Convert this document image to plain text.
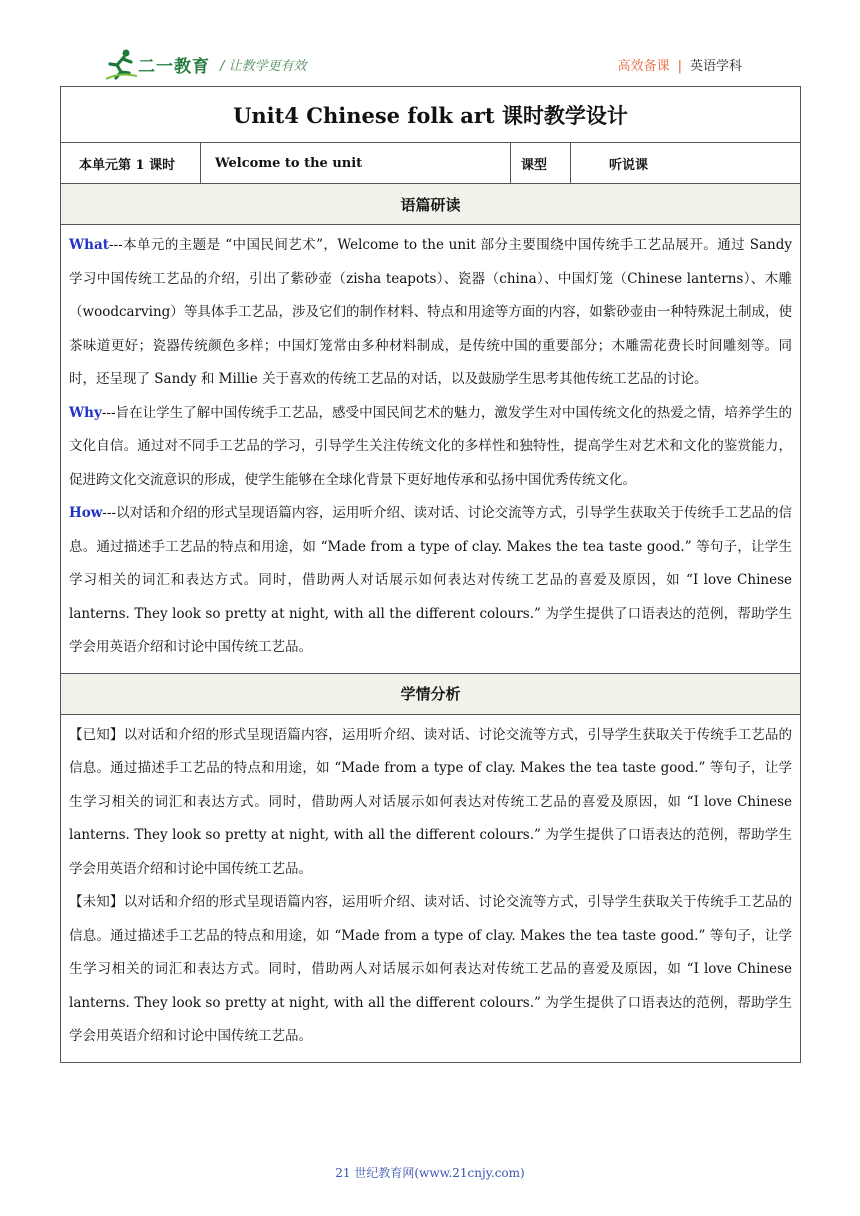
二一教育 / 让教学更有效	高效备课 | 英语学科
Unit4 Chinese folk art 课时教学设计
本单元第 1 课时	Welcome to the unit	课型	听说课
语篇研读

What---本单元的主题是 “中国民间艺术”，Welcome to the unit 部分主要围绕中国传统手工艺品展开。通过 Sandy 学习中国传统工艺品的介绍，引出了紫砂壶（zisha teapots）、瓷器（china）、中国灯笼（Chinese lanterns）、木雕（woodcarving）等具体手工艺品，涉及它们的制作材料、特点和用途等方面的内容，如紫砂壶由一种特殊泥土制成，使茶味道更好；瓷器传统颜色多样；中国灯笼常由多种材料制成，是传统中国的重要部分；木雕需花费长时间雕刻等。同时，还呈现了 Sandy 和 Millie 关于喜欢的传统工艺品的对话，以及鼓励学生思考其他传统工艺品的讨论。

Why---旨在让学生了解中国传统手工艺品，感受中国民间艺术的魅力，激发学生对中国传统文化的热爱之情，培养学生的文化自信。通过对不同手工艺品的学习，引导学生关注传统文化的多样性和独特性，提高学生对艺术和文化的鉴赏能力，促进跨文化交流意识的形成，使学生能够在全球化背景下更好地传承和弘扬中国优秀传统文化。

How---以对话和介绍的形式呈现语篇内容，运用听介绍、读对话、讨论交流等方式，引导学生获取关于传统手工艺品的信息。通过描述手工艺品的特点和用途，如 “Made from a type of clay. Makes the tea taste good.” 等句子，让学生学习相关的词汇和表达方式。同时，借助两人对话展示如何表达对传统工艺品的喜爱及原因，如 “I love Chinese lanterns. They look so pretty at night, with all the different colours.” 为学生提供了口语表达的范例，帮助学生学会用英语介绍和讨论中国传统工艺品。

学情分析

【已知】以对话和介绍的形式呈现语篇内容，运用听介绍、读对话、讨论交流等方式，引导学生获取关于传统手工艺品的信息。通过描述手工艺品的特点和用途，如 “Made from a type of clay. Makes the tea taste good.” 等句子，让学生学习相关的词汇和表达方式。同时，借助两人对话展示如何表达对传统工艺品的喜爱及原因，如 “I love Chinese lanterns. They look so pretty at night, with all the different colours.” 为学生提供了口语表达的范例，帮助学生学会用英语介绍和讨论中国传统工艺品。

【未知】以对话和介绍的形式呈现语篇内容，运用听介绍、读对话、讨论交流等方式，引导学生获取关于传统手工艺品的信息。通过描述手工艺品的特点和用途，如 “Made from a type of clay. Makes the tea taste good.” 等句子，让学生学习相关的词汇和表达方式。同时，借助两人对话展示如何表达对传统工艺品的喜爱及原因，如 “I love Chinese lanterns. They look so pretty at night, with all the different colours.” 为学生提供了口语表达的范例，帮助学生学会用英语介绍和讨论中国传统工艺品。

21 世纪教育网(www.21cnjy.com)
